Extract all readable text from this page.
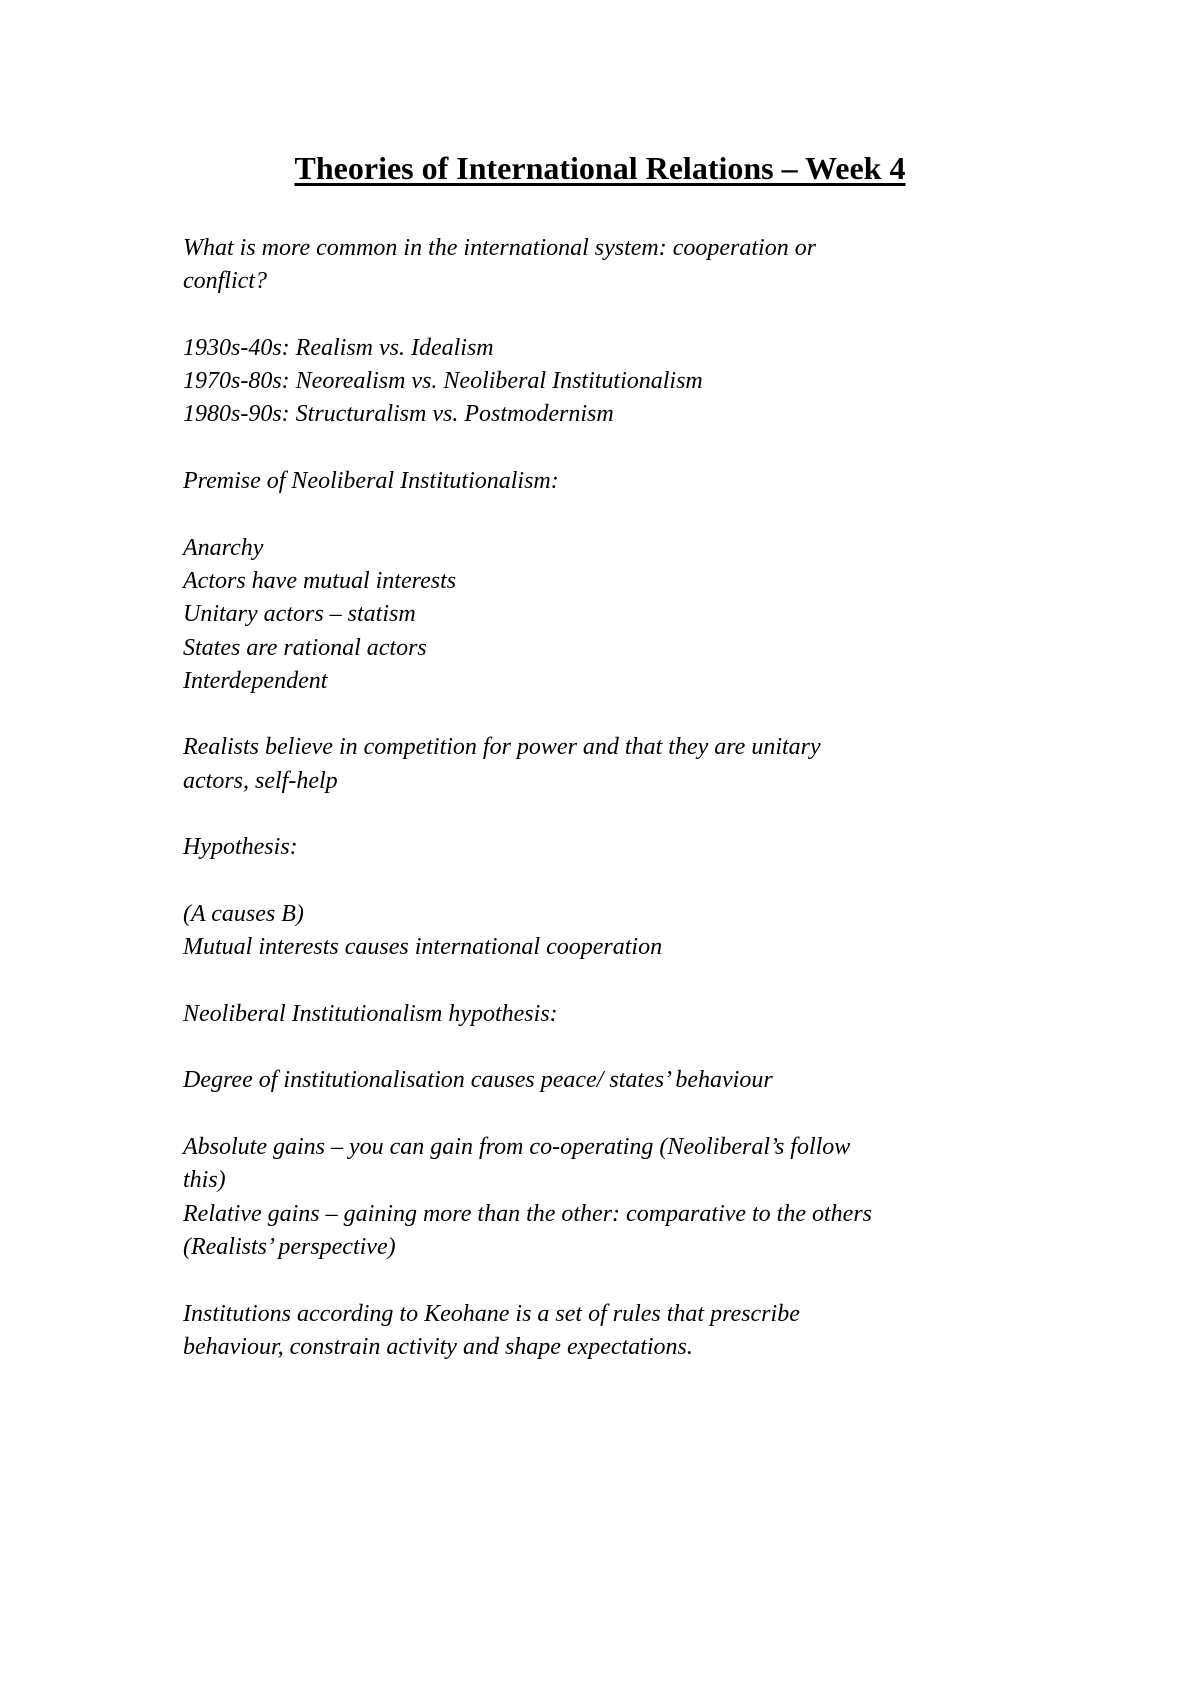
Theories of International Relations – Week 4
What is more common in the international system: cooperation or
conflict?
1930s-40s: Realism vs. Idealism
1970s-80s: Neorealism vs. Neoliberal Institutionalism
1980s-90s: Structuralism vs. Postmodernism
Premise of Neoliberal Institutionalism:
Anarchy
Actors have mutual interests
Unitary actors – statism
States are rational actors
Interdependent
Realists believe in competition for power and that they are unitary
actors, self-help
Hypothesis:
(A causes B)
Mutual interests causes international cooperation
Neoliberal Institutionalism hypothesis:
Degree of institutionalisation causes peace/ states’ behaviour
Absolute gains – you can gain from co-operating (Neoliberal’s follow
this)
Relative gains – gaining more than the other: comparative to the others
(Realists’ perspective)
Institutions according to Keohane is a set of rules that prescribe
behaviour, constrain activity and shape expectations.
